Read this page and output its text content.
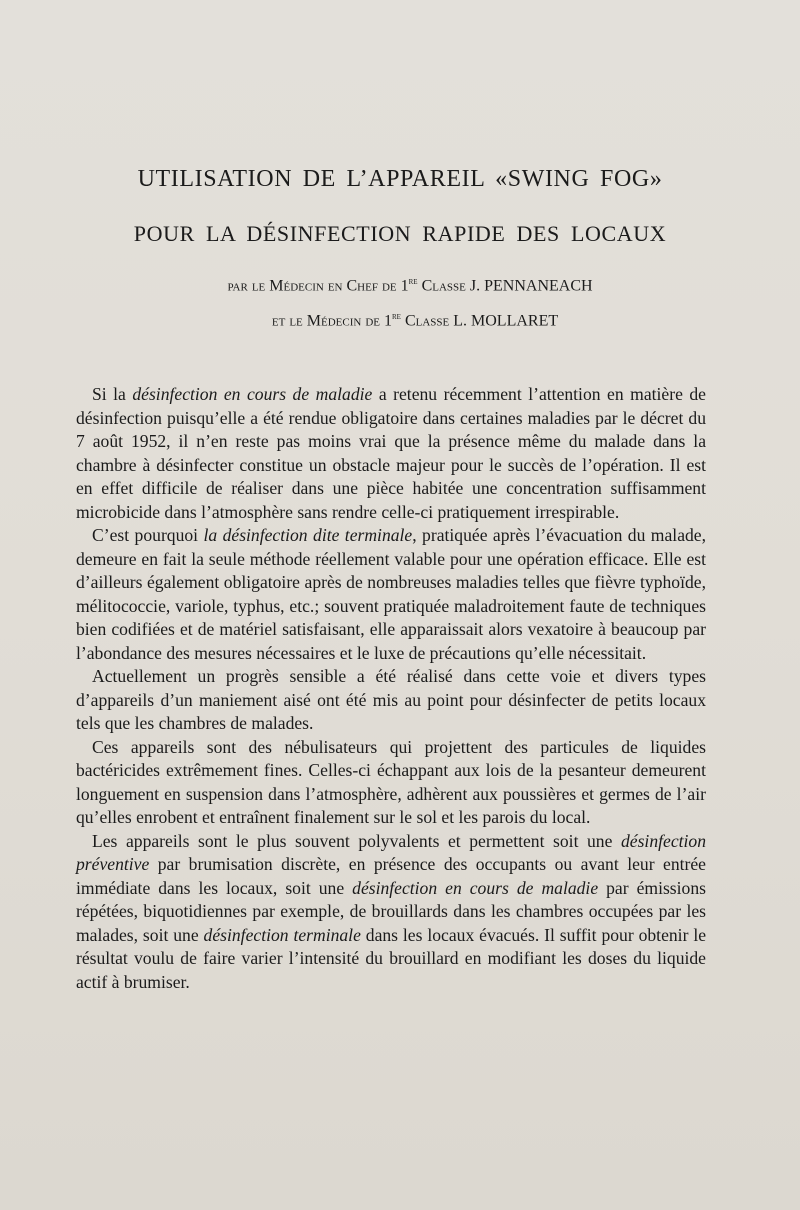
UTILISATION DE L’APPAREIL «SWING FOG»
POUR LA DÉSINFECTION RAPIDE DES LOCAUX
par le Médecin en Chef de 1re Classe J. PENNANEACH
et le Médecin de 1re Classe L. MOLLARET

Si la désinfection en cours de maladie a retenu récemment l’attention en matière de désinfection puisqu’elle a été rendue obligatoire dans certaines maladies par le décret du 7 août 1952, il n’en reste pas moins vrai que la présence même du malade dans la chambre à désinfecter constitue un obstacle majeur pour le succès de l’opération. Il est en effet difficile de réaliser dans une pièce habitée une concentration suffisamment microbicide dans l’atmosphère sans rendre celle-ci pratiquement irrespirable.

C’est pourquoi la désinfection dite terminale, pratiquée après l’évacuation du malade, demeure en fait la seule méthode réellement valable pour une opération efficace. Elle est d’ailleurs également obligatoire après de nombreuses maladies telles que fièvre typhoïde, mélitococcie, variole, typhus, etc.; souvent pratiquée maladroitement faute de techniques bien codifiées et de matériel satisfaisant, elle apparaissait alors vexatoire à beaucoup par l’abondance des mesures nécessaires et le luxe de précautions qu’elle nécessitait.

Actuellement un progrès sensible a été réalisé dans cette voie et divers types d’appareils d’un maniement aisé ont été mis au point pour désinfecter de petits locaux tels que les chambres de malades.

Ces appareils sont des nébulisateurs qui projettent des particules de liquides bactéricides extrêmement fines. Celles-ci échappant aux lois de la pesanteur demeurent longuement en suspension dans l’atmosphère, adhèrent aux poussières et germes de l’air qu’elles enrobent et entraînent finalement sur le sol et les parois du local.

Les appareils sont le plus souvent polyvalents et permettent soit une désinfection préventive par brumisation discrète, en présence des occupants ou avant leur entrée immédiate dans les locaux, soit une désinfection en cours de maladie par émissions répétées, biquotidiennes par exemple, de brouillards dans les chambres occupées par les malades, soit une désinfection terminale dans les locaux évacués. Il suffit pour obtenir le résultat voulu de faire varier l’intensité du brouillard en modifiant les doses du liquide actif à brumiser.
